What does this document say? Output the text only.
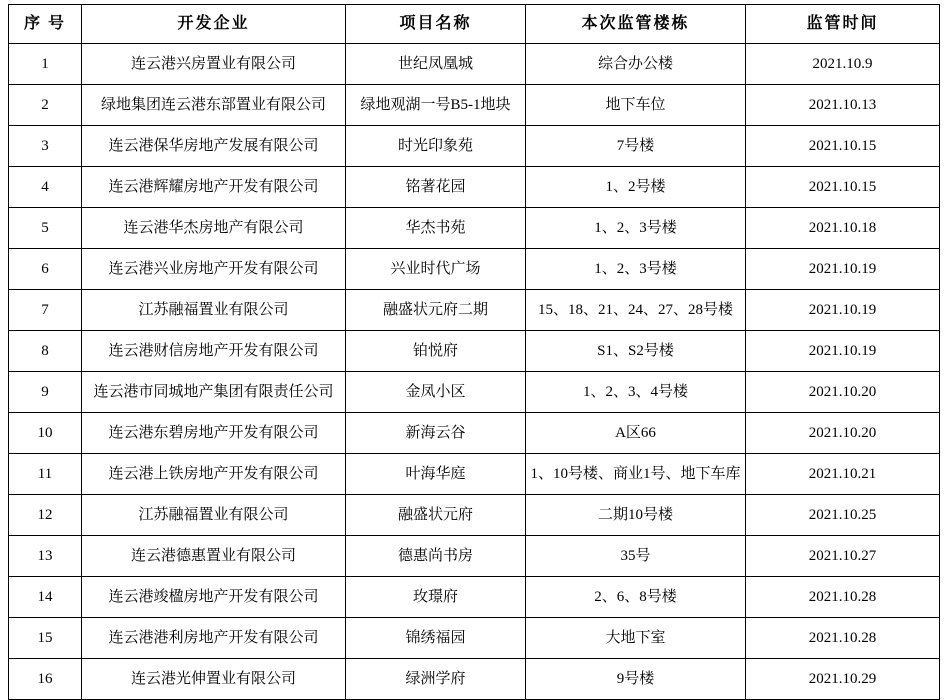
序 号	开发企业	项目名称	本次监管楼栋	监管时间
1	连云港兴房置业有限公司	世纪凤凰城	综合办公楼	2021.10.9
2	绿地集团连云港东部置业有限公司	绿地观湖一号B5-1地块	地下车位	2021.10.13
3	连云港保华房地产发展有限公司	时光印象苑	7号楼	2021.10.15
4	连云港辉耀房地产开发有限公司	铭著花园	1、2号楼	2021.10.15
5	连云港华杰房地产有限公司	华杰书苑	1、2、3号楼	2021.10.18
6	连云港兴业房地产开发有限公司	兴业时代广场	1、2、3号楼	2021.10.19
7	江苏融福置业有限公司	融盛状元府二期	15、18、21、24、27、28号楼	2021.10.19
8	连云港财信房地产开发有限公司	铂悦府	S1、S2号楼	2021.10.19
9	连云港市同城地产集团有限责任公司	金凤小区	1、2、3、4号楼	2021.10.20
10	连云港东碧房地产开发有限公司	新海云谷	A区66	2021.10.20
11	连云港上铁房地产开发有限公司	叶海华庭	1、10号楼、商业1号、地下车库	2021.10.21
12	江苏融福置业有限公司	融盛状元府	二期10号楼	2021.10.25
13	连云港德惠置业有限公司	德惠尚书房	35号	2021.10.27
14	连云港竣楹房地产开发有限公司	玫璟府	2、6、8号楼	2021.10.28
15	连云港港利房地产开发有限公司	锦绣福园	大地下室	2021.10.28
16	连云港光伸置业有限公司	绿洲学府	9号楼	2021.10.29
